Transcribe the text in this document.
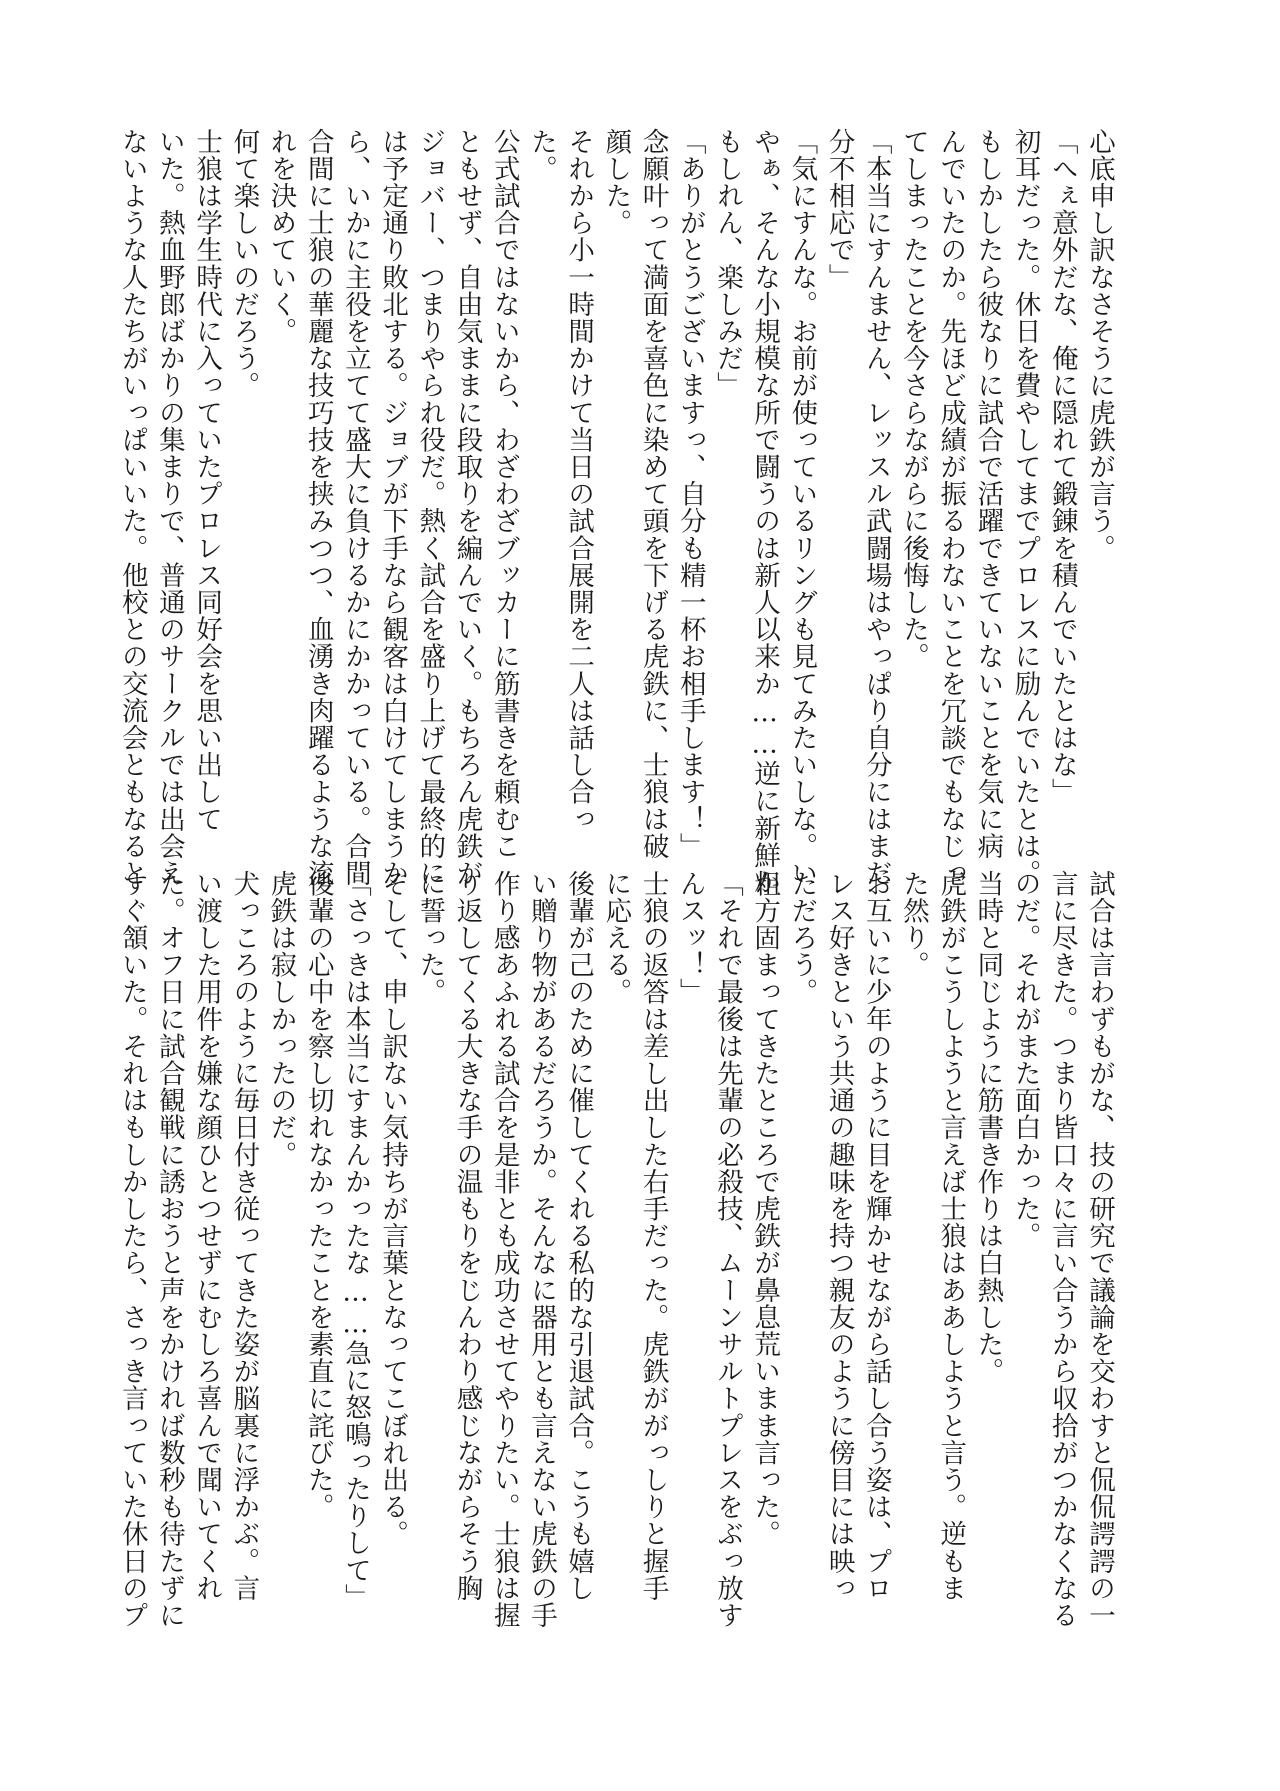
心底申し訳なさそうに虎鉄が言う。

「へぇ意外だな、俺に隠れて鍛錬を積んでいたとはな」

初耳だった。休日を費やしてまでプロレスに励んでいたとは。

もしかしたら彼なりに試合で活躍できていないことを気に病

んでいたのか。先ほど成績が振るわないことを冗談でもなじっ

てしまったことを今さらながらに後悔した。

「本当にすんません、レッスル武闘場はやっぱり自分にはまだ

分不相応で」

「気にすんな。お前が使っているリングも見てみたいしな。い

やぁ、そんな小規模な所で闘うのは新人以来か……逆に新鮮か

もしれん、楽しみだ」

「ありがとうございますっ、自分も精一杯お相手します！」

念願叶って満面を喜色に染めて頭を下げる虎鉄に、士狼は破

顔した。

それから小一時間かけて当日の試合展開を二人は話し合っ

た。

公式試合ではないから、わざわざブッカーに筋書きを頼むこ

ともせず、自由気ままに段取りを編んでいく。もちろん虎鉄が

ジョバー、つまりやられ役だ。熱く試合を盛り上げて最終的に

は予定通り敗北する。ジョブが下手なら観客は白けてしまうか

ら、いかに主役を立てて盛大に負けるかにかかっている。合間

合間に士狼の華麗な技巧技を挟みつつ、血湧き肉躍るような流

れを決めていく。

何て楽しいのだろう。

士狼は学生時代に入っていたプロレス同好会を思い出して

いた。熱血野郎ばかりの集まりで、普通のサークルでは出会え

ないような人たちがいっぱいいた。他校との交流会ともなると

試合は言わずもがな、技の研究で議論を交わすと侃侃諤諤の一

言に尽きた。つまり皆口々に言い合うから収拾がつかなくなる

のだ。それがまた面白かった。

当時と同じように筋書き作りは白熱した。

虎鉄がこうしようと言えば士狼はああしようと言う。逆もま

た然り。

お互いに少年のように目を輝かせながら話し合う姿は、プロ

レス好きという共通の趣味を持つ親友のように傍目には映っ

ただろう。

粗方固まってきたところで虎鉄が鼻息荒いまま言った。

「それで最後は先輩の必殺技、ムーンサルトプレスをぶっ放す

んスッ！」

士狼の返答は差し出した右手だった。虎鉄ががっしりと握手

に応える。

後輩が己のために催してくれる私的な引退試合。こうも嬉し

い贈り物があるだろうか。そんなに器用とも言えない虎鉄の手

作り感あふれる試合を是非とも成功させてやりたい。士狼は握

り返してくる大きな手の温もりをじんわり感じながらそう胸

に誓った。

そして、申し訳ない気持ちが言葉となってこぼれ出る。

「さっきは本当にすまんかったな……急に怒鳴ったりして」

後輩の心中を察し切れなかったことを素直に詫びた。

虎鉄は寂しかったのだ。

犬っころのように毎日付き従ってきた姿が脳裏に浮かぶ。言

い渡した用件を嫌な顔ひとつせずにむしろ喜んで聞いてくれ

た。オフ日に試合観戦に誘おうと声をかければ数秒も待たずに

すぐ頷いた。それはもしかしたら、さっき言っていた休日のプ
